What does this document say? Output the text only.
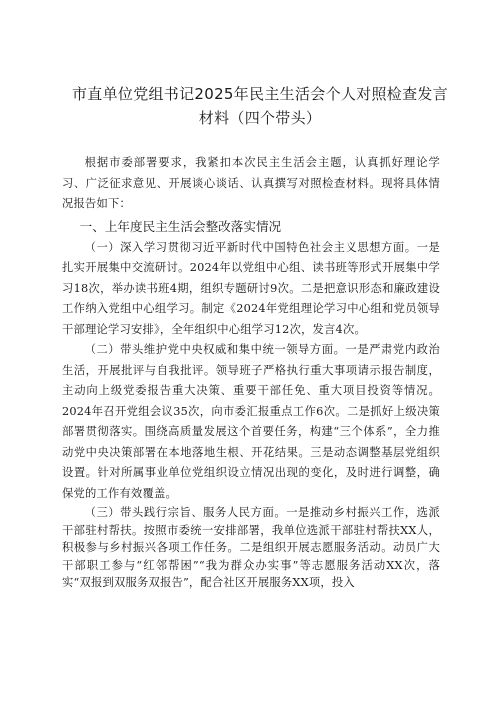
市直单位党组书记2025年民主生活会个人对照检查发言材料（四个带头）

根据市委部署要求，我紧扣本次民主生活会主题，认真抓好理论学习、广泛征求意见、开展谈心谈话、认真撰写对照检查材料。现将具体情况报告如下：

一、上年度民主生活会整改落实情况

（一）深入学习贯彻习近平新时代中国特色社会主义思想方面。一是扎实开展集中交流研讨。2024年以党组中心组、读书班等形式开展集中学习18次，举办读书班4期，组织专题研讨9次。二是把意识形态和廉政建设工作纳入党组中心组学习。制定《2024年党组理论学习中心组和党员领导干部理论学习安排》，全年组织中心组学习12次，发言4次。

（二）带头维护党中央权威和集中统一领导方面。一是严肃党内政治生活，开展批评与自我批评。领导班子严格执行重大事项请示报告制度，主动向上级党委报告重大决策、重要干部任免、重大项目投资等情况。2024年召开党组会议35次，向市委汇报重点工作6次。二是抓好上级决策部署贯彻落实。围绕高质量发展这个首要任务，构建“三个体系”，全力推动党中央决策部署在本地落地生根、开花结果。三是动态调整基层党组织设置。针对所属事业单位党组织设立情况出现的变化，及时进行调整，确保党的工作有效覆盖。

（三）带头践行宗旨、服务人民方面。一是推动乡村振兴工作，选派干部驻村帮扶。按照市委统一安排部署，我单位选派干部驻村帮扶XX人，积极参与乡村振兴各项工作任务。二是组织开展志愿服务活动。动员广大干部职工参与“红邻帮困”“我为群众办实事”等志愿服务活动XX次，落实“双报到双服务双报告”，配合社区开展服务XX项，投入
